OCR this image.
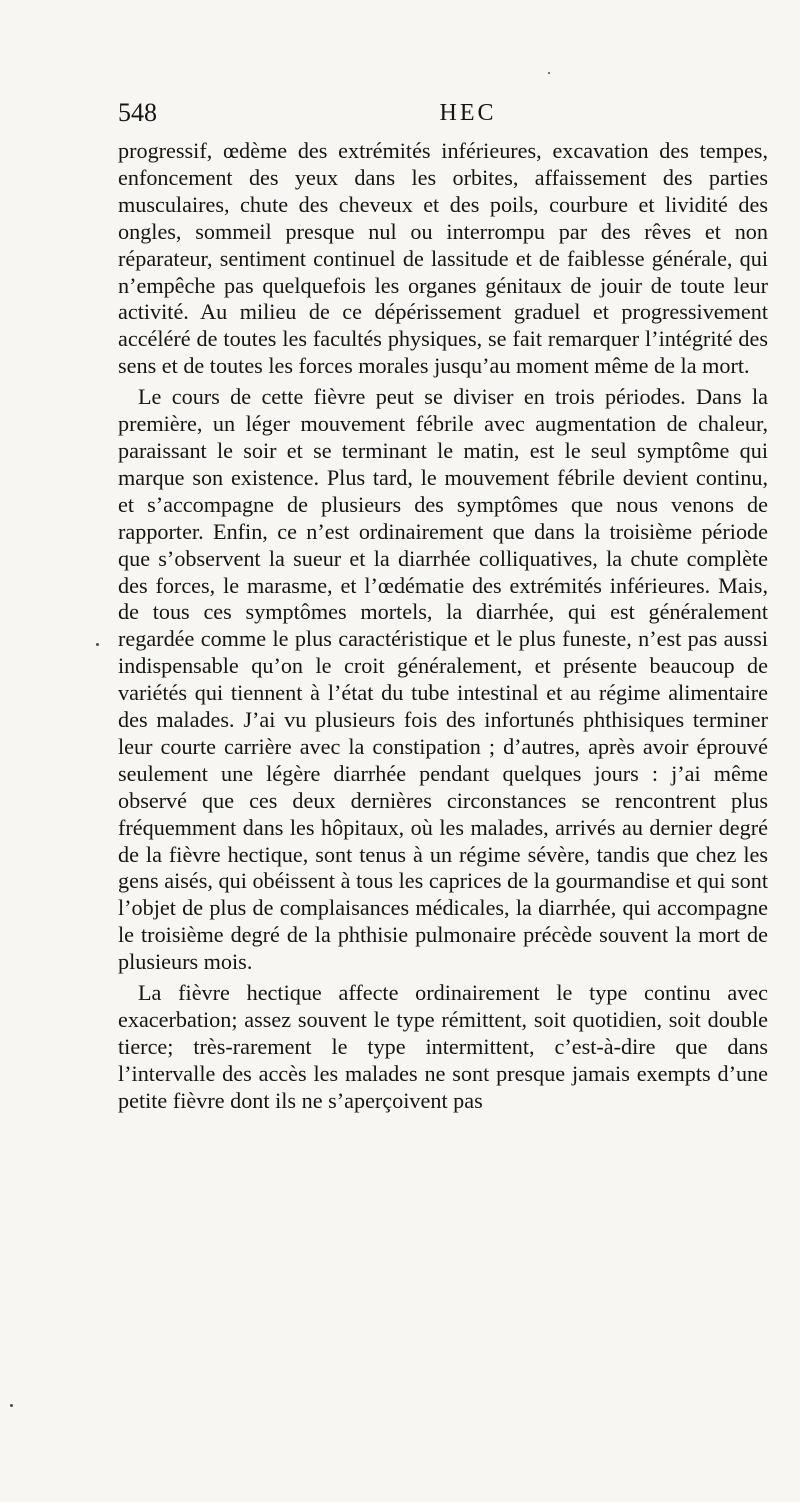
548	HEC

progressif, œdème des extrémités inférieures, excavation des tempes, enfoncement des yeux dans les orbites, affaissement des parties musculaires, chute des cheveux et des poils, courbure et lividité des ongles, sommeil presque nul ou interrompu par des rêves et non réparateur, sentiment continuel de lassitude et de faiblesse générale, qui n’empêche pas quelquefois les organes génitaux de jouir de toute leur activité. Au milieu de ce dépérissement graduel et progressivement accéléré de toutes les facultés physiques, se fait remarquer l’intégrité des sens et de toutes les forces morales jusqu’au moment même de la mort.

Le cours de cette fièvre peut se diviser en trois périodes. Dans la première, un léger mouvement fébrile avec augmentation de chaleur, paraissant le soir et se terminant le matin, est le seul symptôme qui marque son existence. Plus tard, le mouvement fébrile devient continu, et s’accompagne de plusieurs des symptômes que nous venons de rapporter. Enfin, ce n’est ordinairement que dans la troisième période que s’observent la sueur et la diarrhée colliquatives, la chute complète des forces, le marasme, et l’œdématie des extrémités inférieures. Mais, de tous ces symptômes mortels, la diarrhée, qui est généralement regardée comme le plus caractéristique et le plus funeste, n’est pas aussi indispensable qu’on le croit généralement, et présente beaucoup de variétés qui tiennent à l’état du tube intestinal et au régime alimentaire des malades. J’ai vu plusieurs fois des infortunés phthisiques terminer leur courte carrière avec la constipation ; d’autres, après avoir éprouvé seulement une légère diarrhée pendant quelques jours : j’ai même observé que ces deux dernières circonstances se rencontrent plus fréquemment dans les hôpitaux, où les malades, arrivés au dernier degré de la fièvre hectique, sont tenus à un régime sévère, tandis que chez les gens aisés, qui obéissent à tous les caprices de la gourmandise et qui sont l’objet de plus de complaisances médicales, la diarrhée, qui accompagne le troisième degré de la phthisie pulmonaire précède souvent la mort de plusieurs mois.

La fièvre hectique affecte ordinairement le type continu avec exacerbation; assez souvent le type rémittent, soit quotidien, soit double tierce; très-rarement le type intermittent, c’est-à-dire que dans l’intervalle des accès les malades ne sont presque jamais exempts d’une petite fièvre dont ils ne s’aperçoivent pas
